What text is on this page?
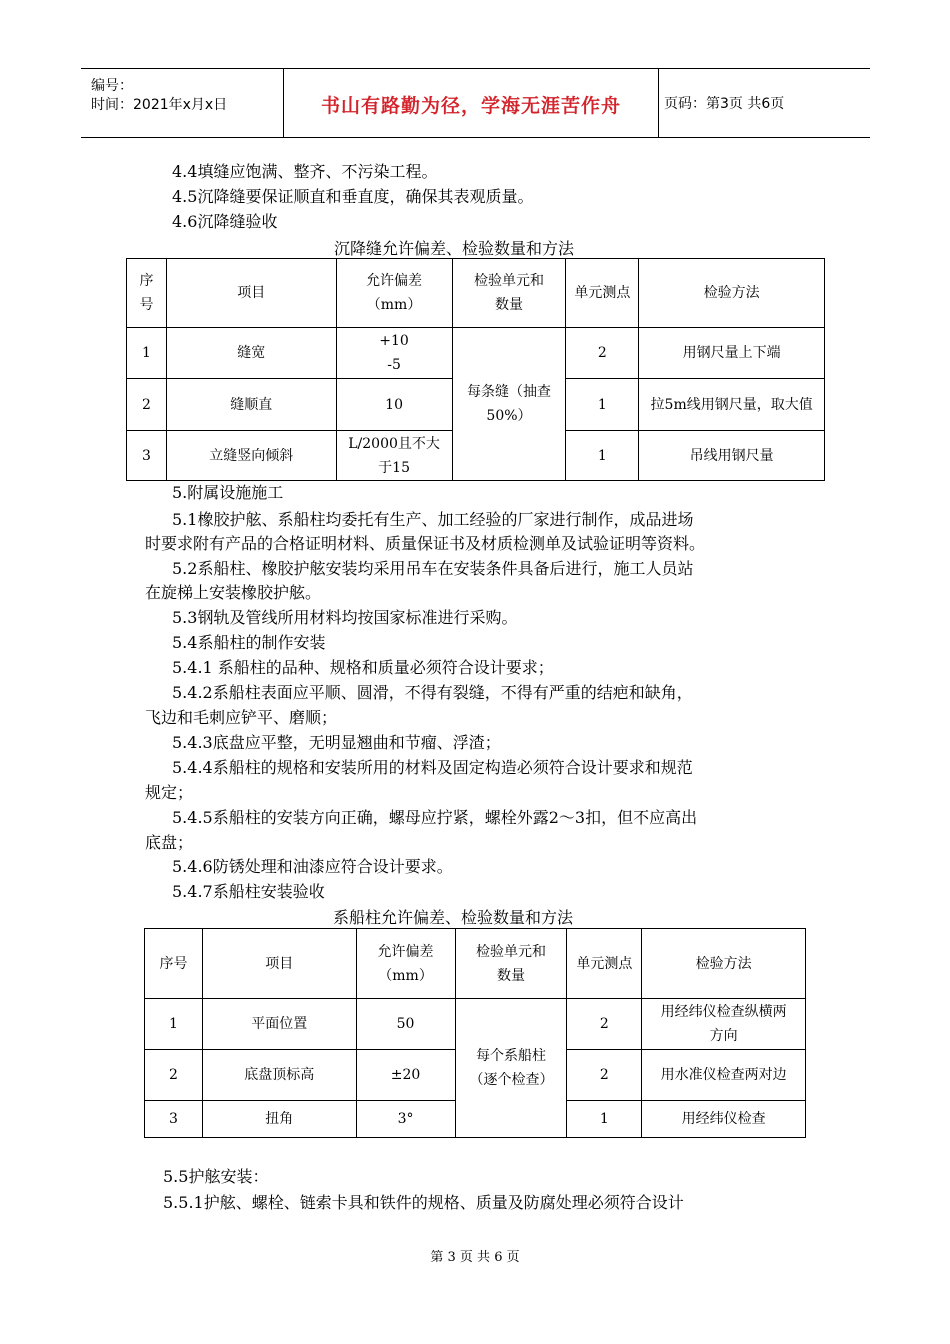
编号：
时间：2021年x月x日	书山有路勤为径，学海无涯苦作舟	页码：第3页 共6页
4.4填缝应饱满、整齐、不污染工程。
4.5沉降缝要保证顺直和垂直度，确保其表观质量。
4.6沉降缝验收
沉降缝允许偏差、检验数量和方法
序号	项目	允许偏差（mm）	检验单元和数量	单元测点	检验方法
1	缝宽	+10 -5	每条缝（抽查50%）	2	用钢尺量上下端
2	缝顺直	10		1	拉5m线用钢尺量，取大值
3	立缝竖向倾斜	L/2000且不大于15		1	吊线用钢尺量
5.附属设施施工
5.1橡胶护舷、系船柱均委托有生产、加工经验的厂家进行制作，成品进场
时要求附有产品的合格证明材料、质量保证书及材质检测单及试验证明等资料。
5.2系船柱、橡胶护舷安装均采用吊车在安装条件具备后进行，施工人员站
在旋梯上安装橡胶护舷。
5.3钢轨及管线所用材料均按国家标准进行采购。
5.4系船柱的制作安装
5.4.1 系船柱的品种、规格和质量必须符合设计要求；
5.4.2系船柱表面应平顺、圆滑，不得有裂缝，不得有严重的结疤和缺角，
飞边和毛刺应铲平、磨顺；
5.4.3底盘应平整，无明显翘曲和节瘤、浮渣；
5.4.4系船柱的规格和安装所用的材料及固定构造必须符合设计要求和规范
规定；
5.4.5系船柱的安装方向正确，螺母应拧紧，螺栓外露2～3扣，但不应高出
底盘；
5.4.6防锈处理和油漆应符合设计要求。
5.4.7系船柱安装验收
系船柱允许偏差、检验数量和方法
序号	项目	允许偏差（mm）	检验单元和数量	单元测点	检验方法
1	平面位置	50	每个系船柱（逐个检查）	2	用经纬仪检查纵横两方向
2	底盘顶标高	±20		2	用水准仪检查两对边
3	扭角	3°		1	用经纬仪检查
5.5护舷安装：
5.5.1护舷、螺栓、链索卡具和铁件的规格、质量及防腐处理必须符合设计
第 3 页 共 6 页
